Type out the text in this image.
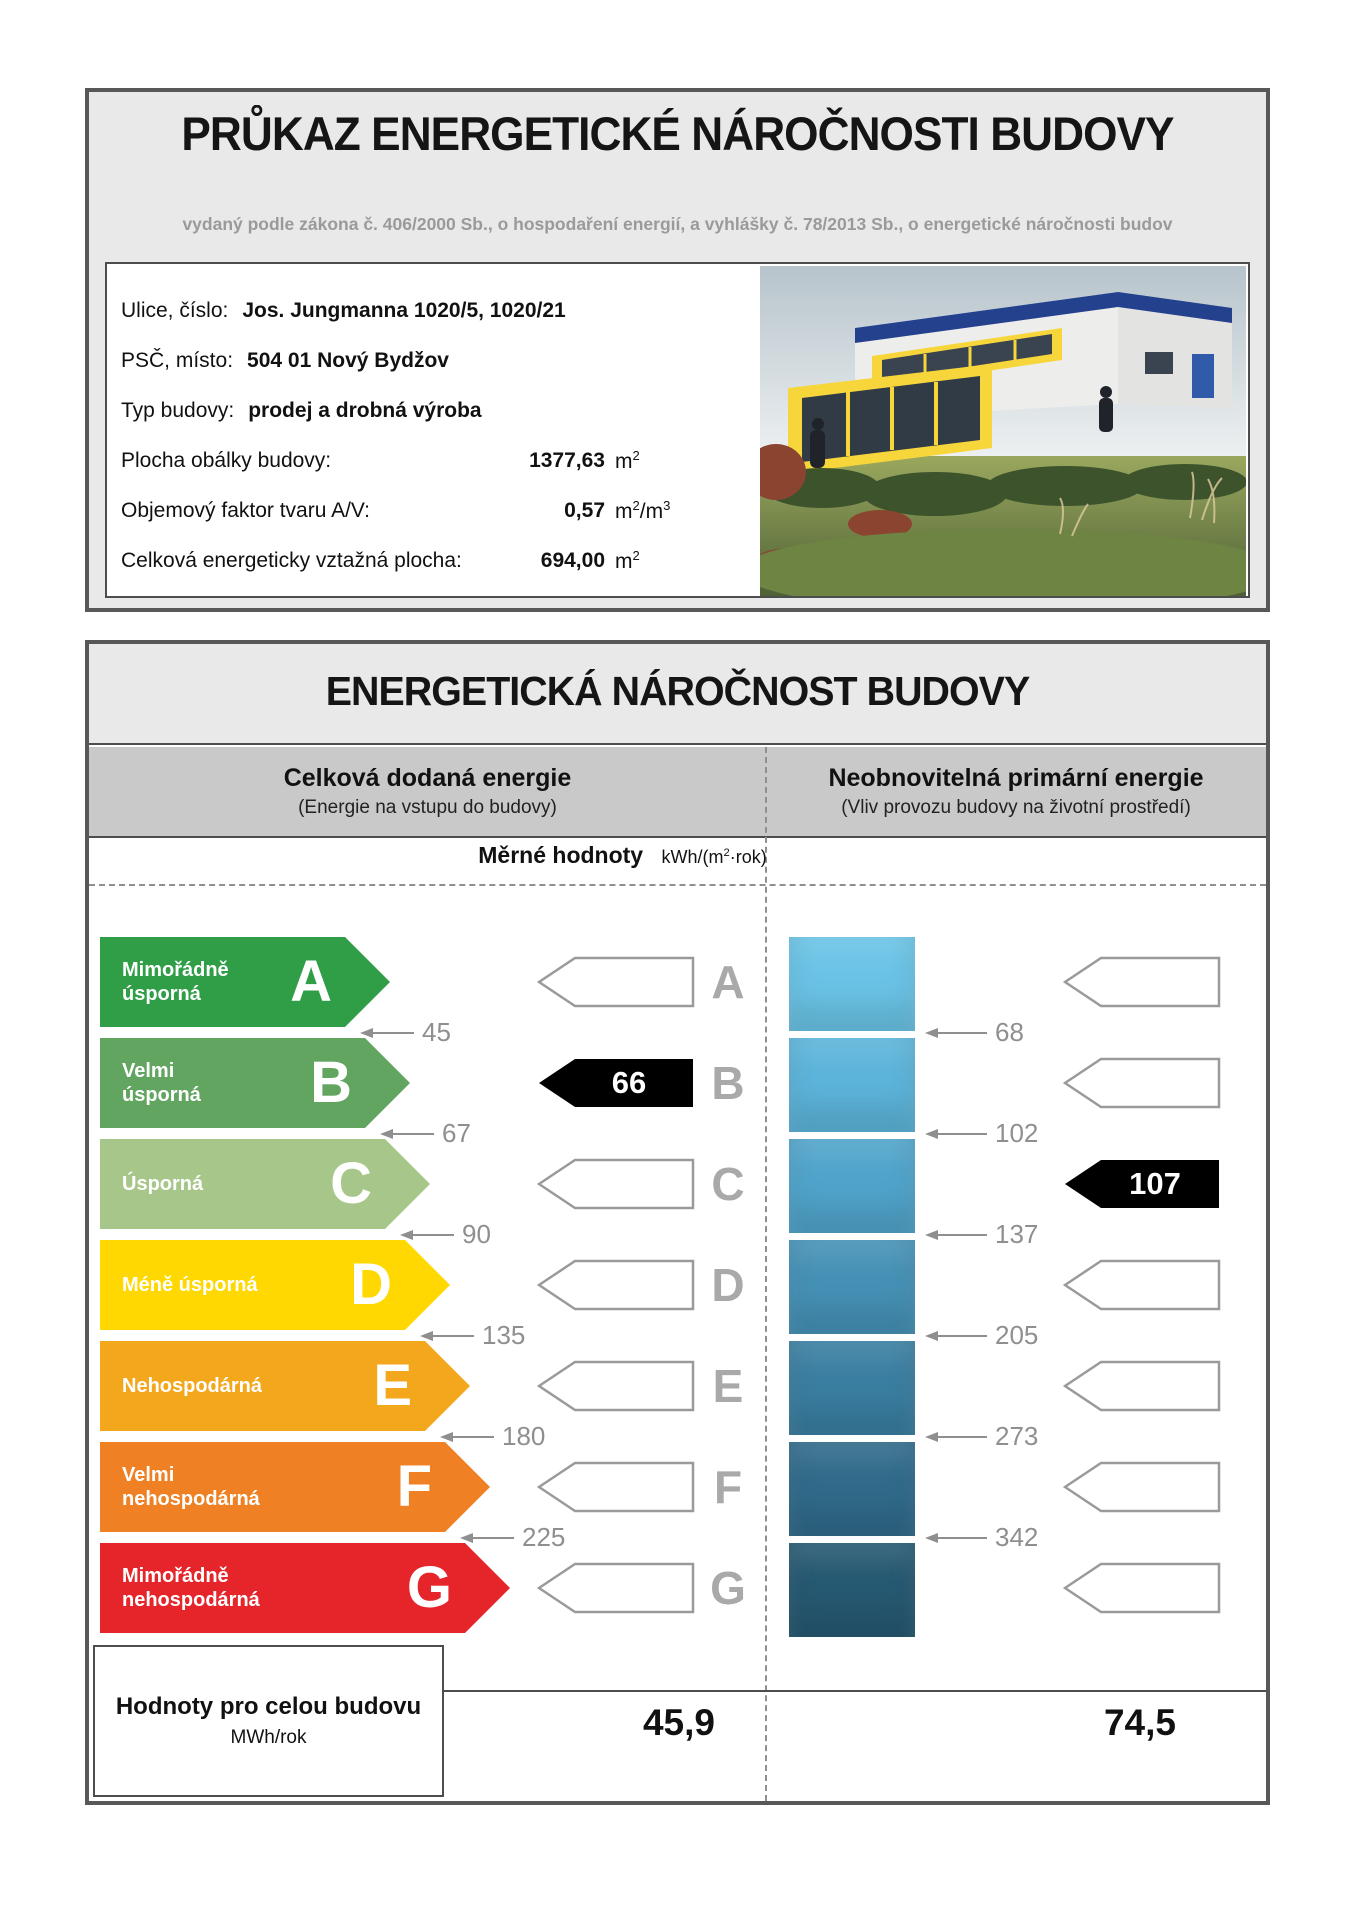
PRŮKAZ ENERGETICKÉ NÁROČNOSTI BUDOVY
vydaný podle zákona č. 406/2000 Sb., o hospodaření energií, a vyhlášky č. 78/2013 Sb., o energetické náročnosti budov
Ulice, číslo: Jos. Jungmanna 1020/5, 1020/21
PSČ, místo: 504 01 Nový Bydžov
Typ budovy: prodej a drobná výroba
Plocha obálky budovy:	1377,63 $m^2$
Objemový faktor tvaru A/V:	0,57 $m^2/m^3$
Celková energeticky vztažná plocha:	694,00 $m^2$
ENERGETICKÁ NÁROČNOST BUDOVY
Celková dodaná energie
(Energie na vstupu do budovy)
Neobnovitelná primární energie
(Vliv provozu budovy na životní prostředí)
Měrné hodnoty kWh/$(m^2\cdot rok)$
Mimořádně
úsporná	A
Velmi
úsporná	B
Úsporná	C
Méně úsporná	D
Nehospodárná	E
Velmi
nehospodárná	F
Mimořádně
nehospodárná	G
45
67
90
135
180
225
66
A
B
C
D
E
F
G
68
102
137
205
273
342
107
Hodnoty pro celou budovu
MWh/rok	45,9	74,5
